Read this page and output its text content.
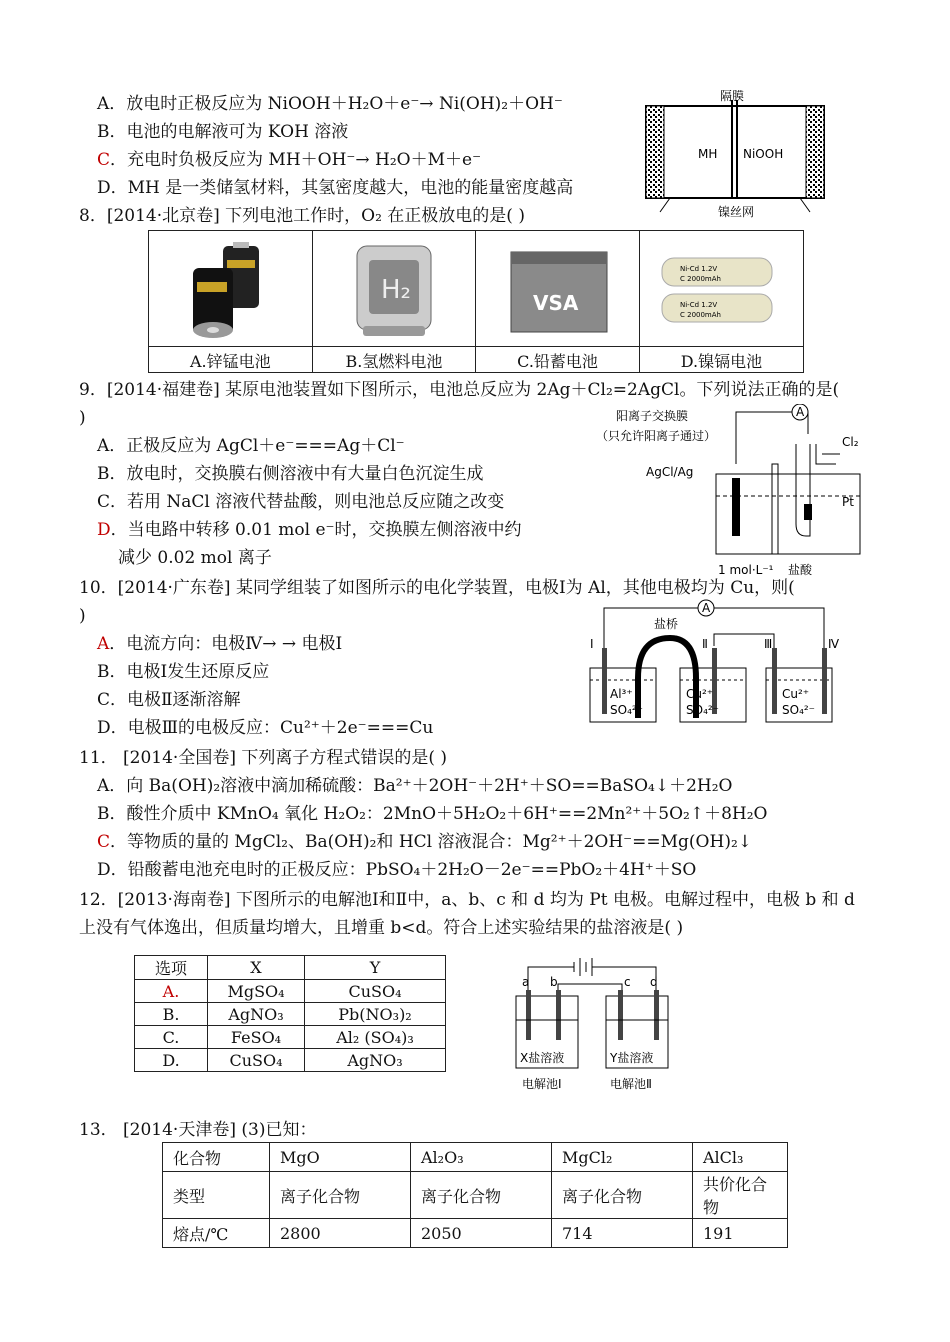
A．放电时正极反应为 NiOOH＋H₂O＋e⁻→ Ni(OH)₂＋OH⁻
B．电池的电解液可为 KOH 溶液
C．充电时负极反应为 MH＋OH⁻→ H₂O＋M＋e⁻
D．MH 是一类储氢材料，其氢密度越大，电池的能量密度越高
隔膜
MH NiOOH
镍丝网
8．[2014·北京卷] 下列电池工作时，O₂ 在正极放电的是( )

H₂	VSA	Ni-Cd 1.2V
C 2000mAh
Ni-Cd 1.2V
C 2000mAh

A.锌锰电池	B.氢燃料电池	C.铅蓄电池	D.镍镉电池
9．[2014·福建卷] 某原电池装置如下图所示，电池总反应为 2Ag＋Cl₂=2AgCl。下列说法正确的是(
)
A．正极反应为 AgCl＋e⁻===Ag＋Cl⁻
B．放电时，交换膜右侧溶液中有大量白色沉淀生成
C．若用 NaCl 溶液代替盐酸，则电池总反应随之改变
D．当电路中转移 0.01 mol e⁻时，交换膜左侧溶液中约
减少 0.02 mol 离子
阳离子交换膜
（只允许阳离子通过）
A
AgCl/Ag
Cl₂
Pt
1 mol·L⁻¹ 盐酸
10．[2014·广东卷] 某同学组装了如图所示的电化学装置，电极Ⅰ为 Al，其他电极均为 Cu，则(
)
A．电流方向：电极Ⅳ→ → 电极Ⅰ
B．电极Ⅰ发生还原反应
C．电极Ⅱ逐渐溶解
D．电极Ⅲ的电极反应：Cu²⁺＋2e⁻===Cu
A
Ⅰ	Ⅱ	Ⅲ	Ⅳ
盐桥
Al³⁺
SO₄²⁻
Cu²⁺
SO₄²⁻
Cu²⁺
SO₄²⁻
11． [2014·全国卷] 下列离子方程式错误的是( )
A．向 Ba(OH)₂溶液中滴加稀硫酸：Ba²⁺＋2OH⁻＋2H⁺＋SO==BaSO₄↓＋2H₂O
B．酸性介质中 KMnO₄ 氧化 H₂O₂：2MnO＋5H₂O₂＋6H⁺==2Mn²⁺＋5O₂↑＋8H₂O
C．等物质的量的 MgCl₂、Ba(OH)₂和 HCl 溶液混合：Mg²⁺＋2OH⁻==Mg(OH)₂↓
D．铅酸蓄电池充电时的正极反应：PbSO₄＋2H₂O－2e⁻==PbO₂＋4H⁺＋SO
12．[2013·海南卷] 下图所示的电解池Ⅰ和Ⅱ中，a、b、c 和 d 均为 Pt 电极。电解过程中，电极 b 和 d
上没有气体逸出，但质量均增大，且增重 b<d。符合上述实验结果的盐溶液是( )
选项	X	Y
A.	MgSO₄	CuSO₄
B.	AgNO₃	Pb(NO₃)₂
C.	FeSO₄	Al₂ (SO₄)₃
D.	CuSO₄	AgNO₃
a b	c d
X盐溶液	Y盐溶液
电解池Ⅰ	电解池Ⅱ
13． [2014·天津卷] (3)已知：
化合物	MgO	Al₂O₃	MgCl₂	AlCl₃
类型	离子化合物	离子化合物	离子化合物	共价化合物
熔点/℃	2800	2050	714	191
